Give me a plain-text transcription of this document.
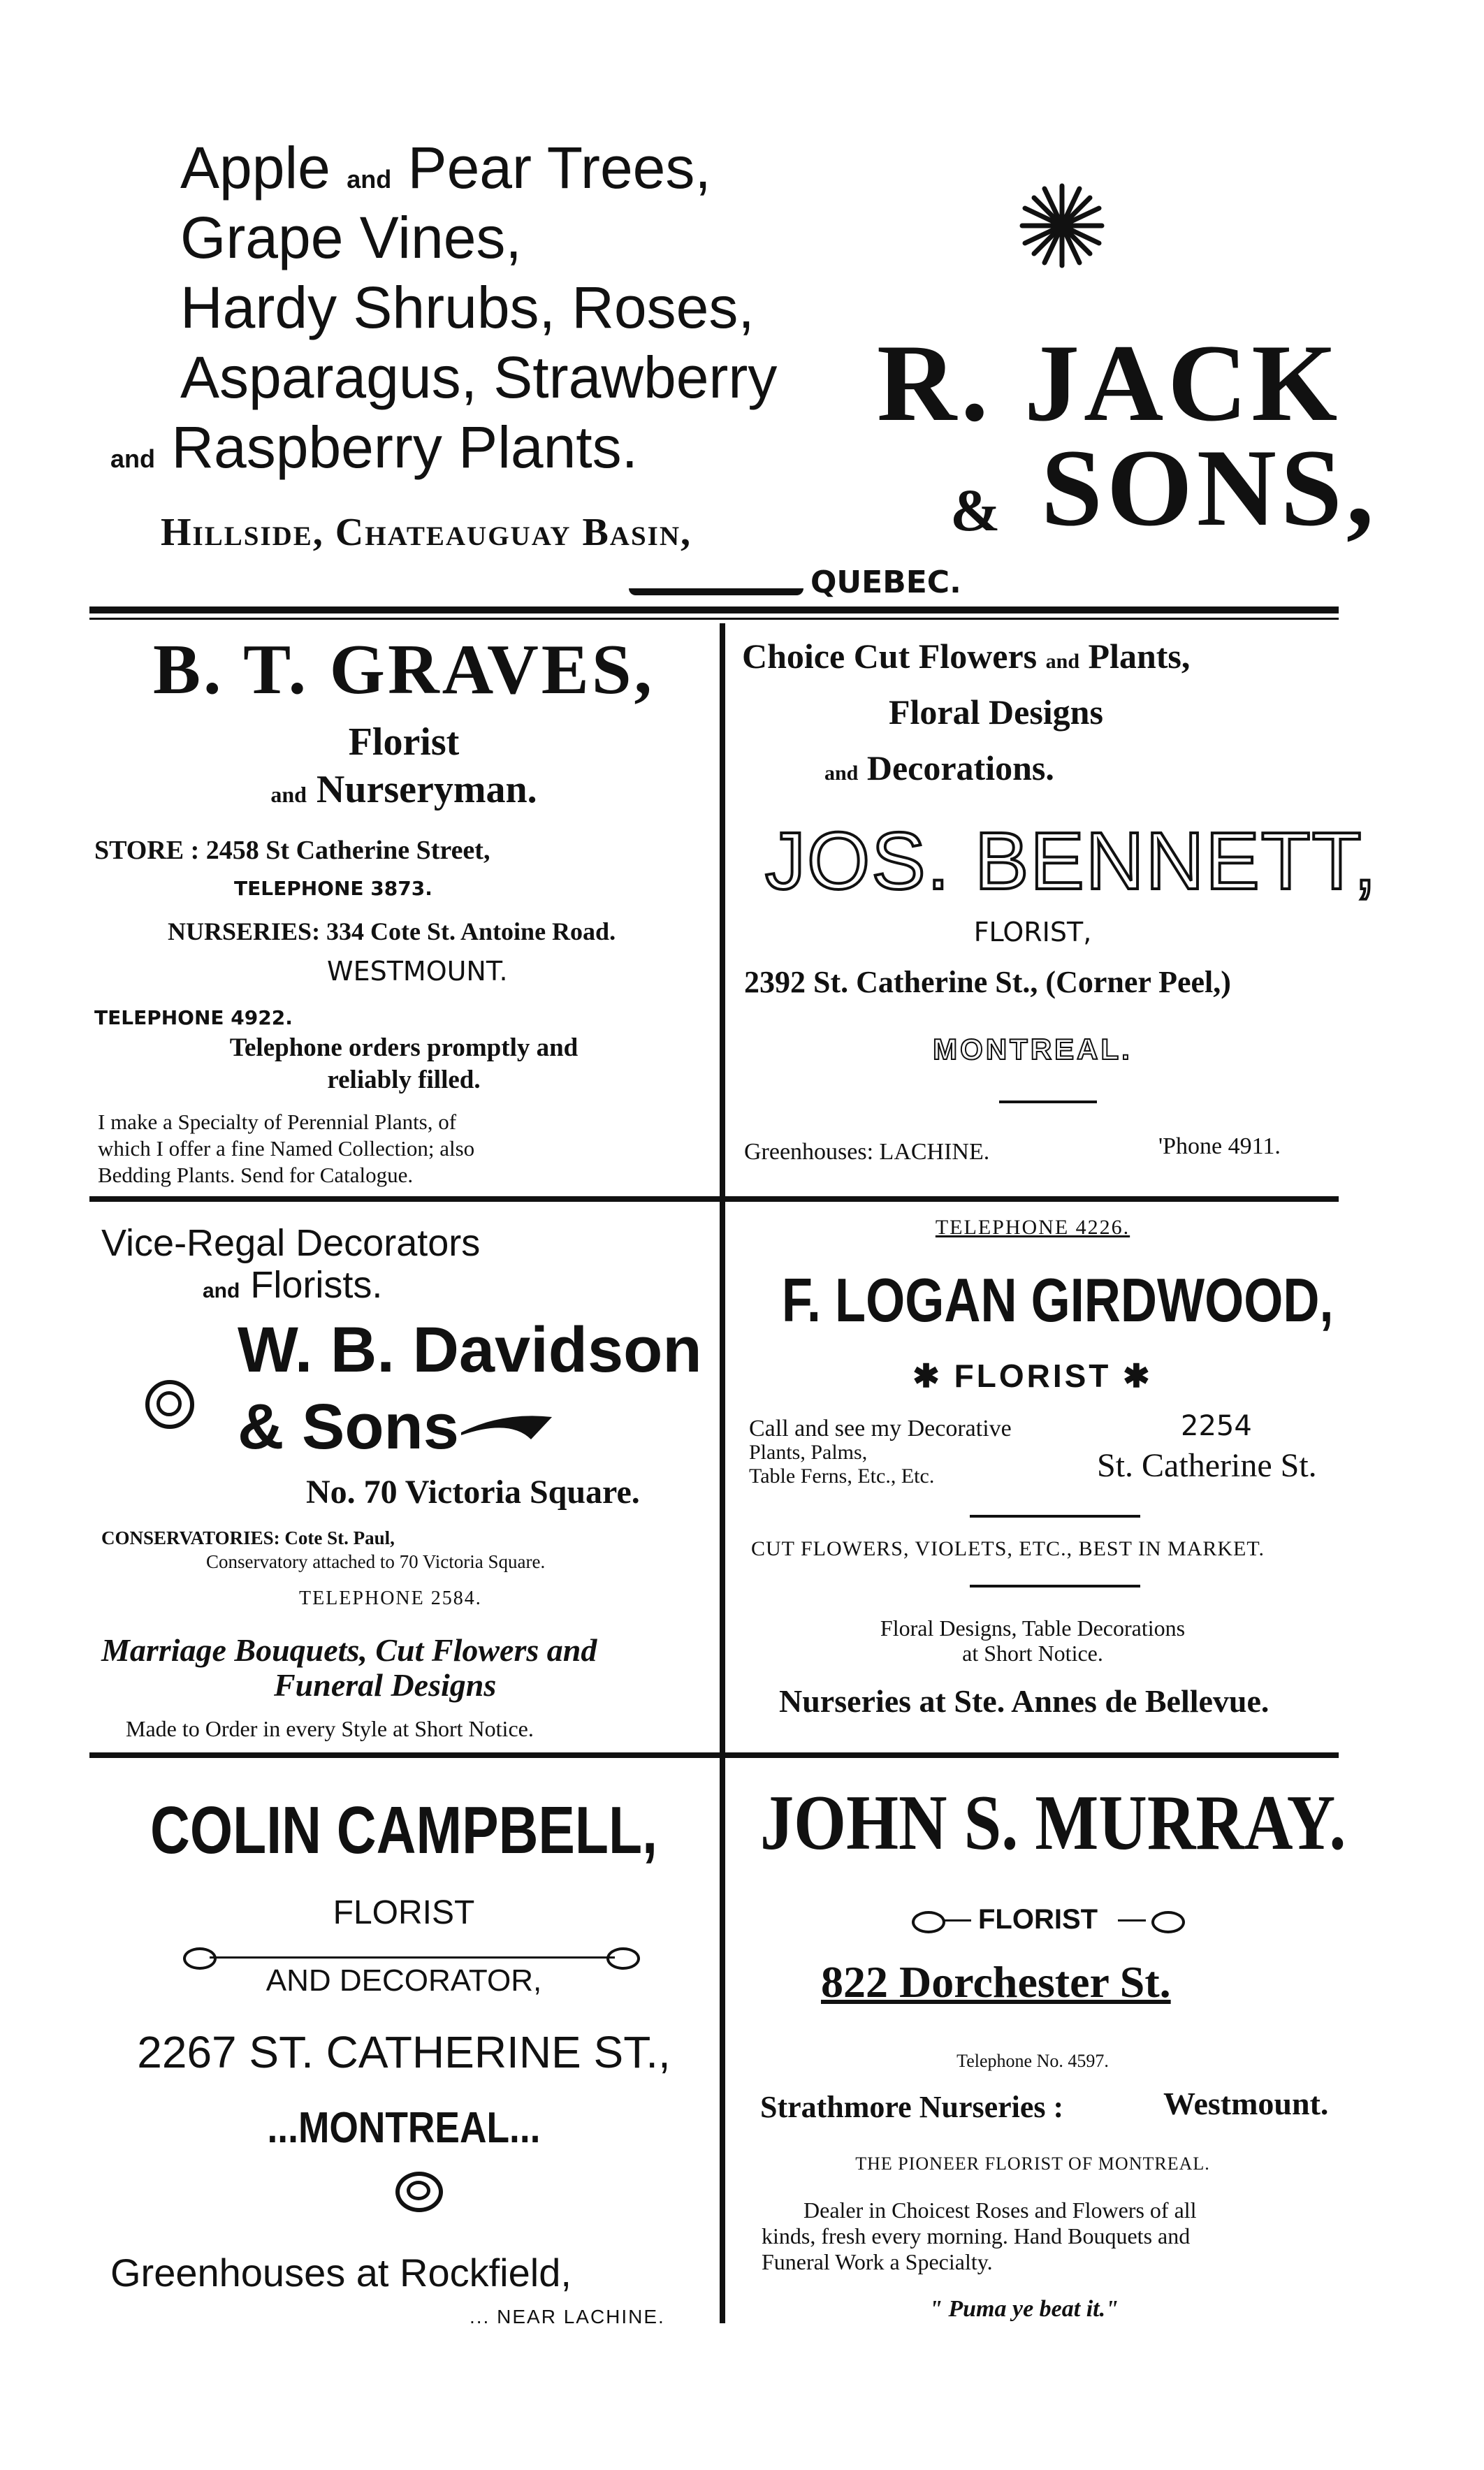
Apple and Pear Trees,
Grape Vines,
Hardy Shrubs, Roses,
Asparagus, Strawberry
and Raspberry Plants.
Hillside, Chateauguay Basin,
QUEBEC.
R. JACK
& SONS,
B. T. GRAVES,
Florist
and Nurseryman.
STORE : 2458 St Catherine Street,
TELEPHONE 3873.
NURSERIES: 334 Cote St. Antoine Road.
WESTMOUNT.
TELEPHONE 4922.
Telephone orders promptly and
reliably filled.
I make a Specialty of Perennial Plants, of
which I offer a fine Named Collection; also
Bedding Plants. Send for Catalogue.
Choice Cut Flowers and Plants,
Floral Designs
and Decorations.
JOS. BENNETT,
FLORIST,
2392 St. Catherine St., (Corner Peel,)
MONTREAL.
Greenhouses: LACHINE.	'Phone 4911.
Vice-Regal Decorators
and Florists.
W. B. Davidson
& Sons
No. 70 Victoria Square.
CONSERVATORIES: Cote St. Paul,
Conservatory attached to 70 Victoria Square.
TELEPHONE 2584.
Marriage Bouquets, Cut Flowers and
Funeral Designs
Made to Order in every Style at Short Notice.
TELEPHONE 4226.
F. LOGAN GIRDWOOD,
✱ FLORIST ✱
Call and see my Decorative
Plants, Palms,
Table Ferns, Etc., Etc.
2254
St. Catherine St.
CUT FLOWERS, VIOLETS, ETC., BEST IN MARKET.
Floral Designs, Table Decorations
at Short Notice.
Nurseries at Ste. Annes de Bellevue.
COLIN CAMPBELL,
FLORIST
AND DECORATOR,
2267 ST. CATHERINE ST.,
...MONTREAL...
Greenhouses at Rockfield,
... NEAR LACHINE.
JOHN S. MURRAY.
FLORIST
822 Dorchester St.
Telephone No. 4597.
Strathmore Nurseries :	Westmount.
THE PIONEER FLORIST OF MONTREAL.
Dealer in Choicest Roses and Flowers of all
kinds, fresh every morning. Hand Bouquets and
Funeral Work a Specialty.
" Puma ye beat it."
